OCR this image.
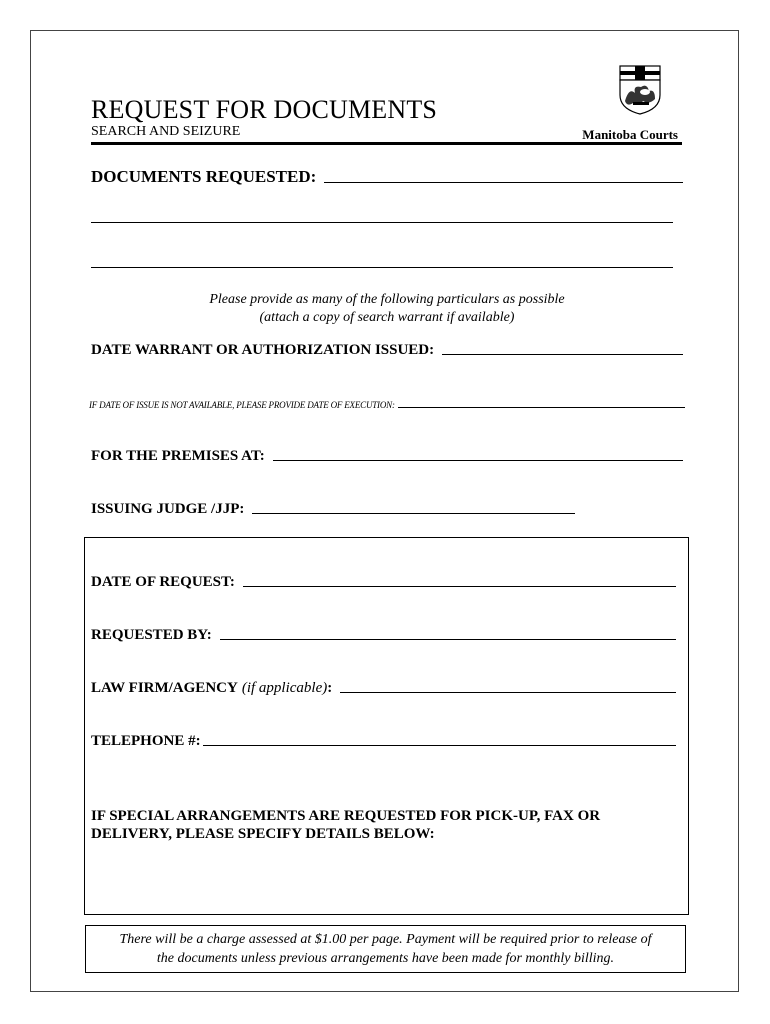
REQUEST FOR DOCUMENTS
SEARCH AND SEIZURE	Manitoba Courts
DOCUMENTS REQUESTED:
Please provide as many of the following particulars as possible
(attach a copy of search warrant if available)
DATE WARRANT OR AUTHORIZATION ISSUED:
IF DATE OF ISSUE IS NOT AVAILABLE, PLEASE PROVIDE DATE OF EXECUTION:
FOR THE PREMISES AT:
ISSUING JUDGE /JJP:
DATE OF REQUEST:
REQUESTED BY:
LAW FIRM/AGENCY (if applicable) :
TELEPHONE #:
IF SPECIAL ARRANGEMENTS ARE REQUESTED FOR PICK-UP, FAX OR
DELIVERY, PLEASE SPECIFY DETAILS BELOW:
There will be a charge assessed at $1.00 per page. Payment will be required prior to release of
the documents unless previous arrangements have been made for monthly billing.
